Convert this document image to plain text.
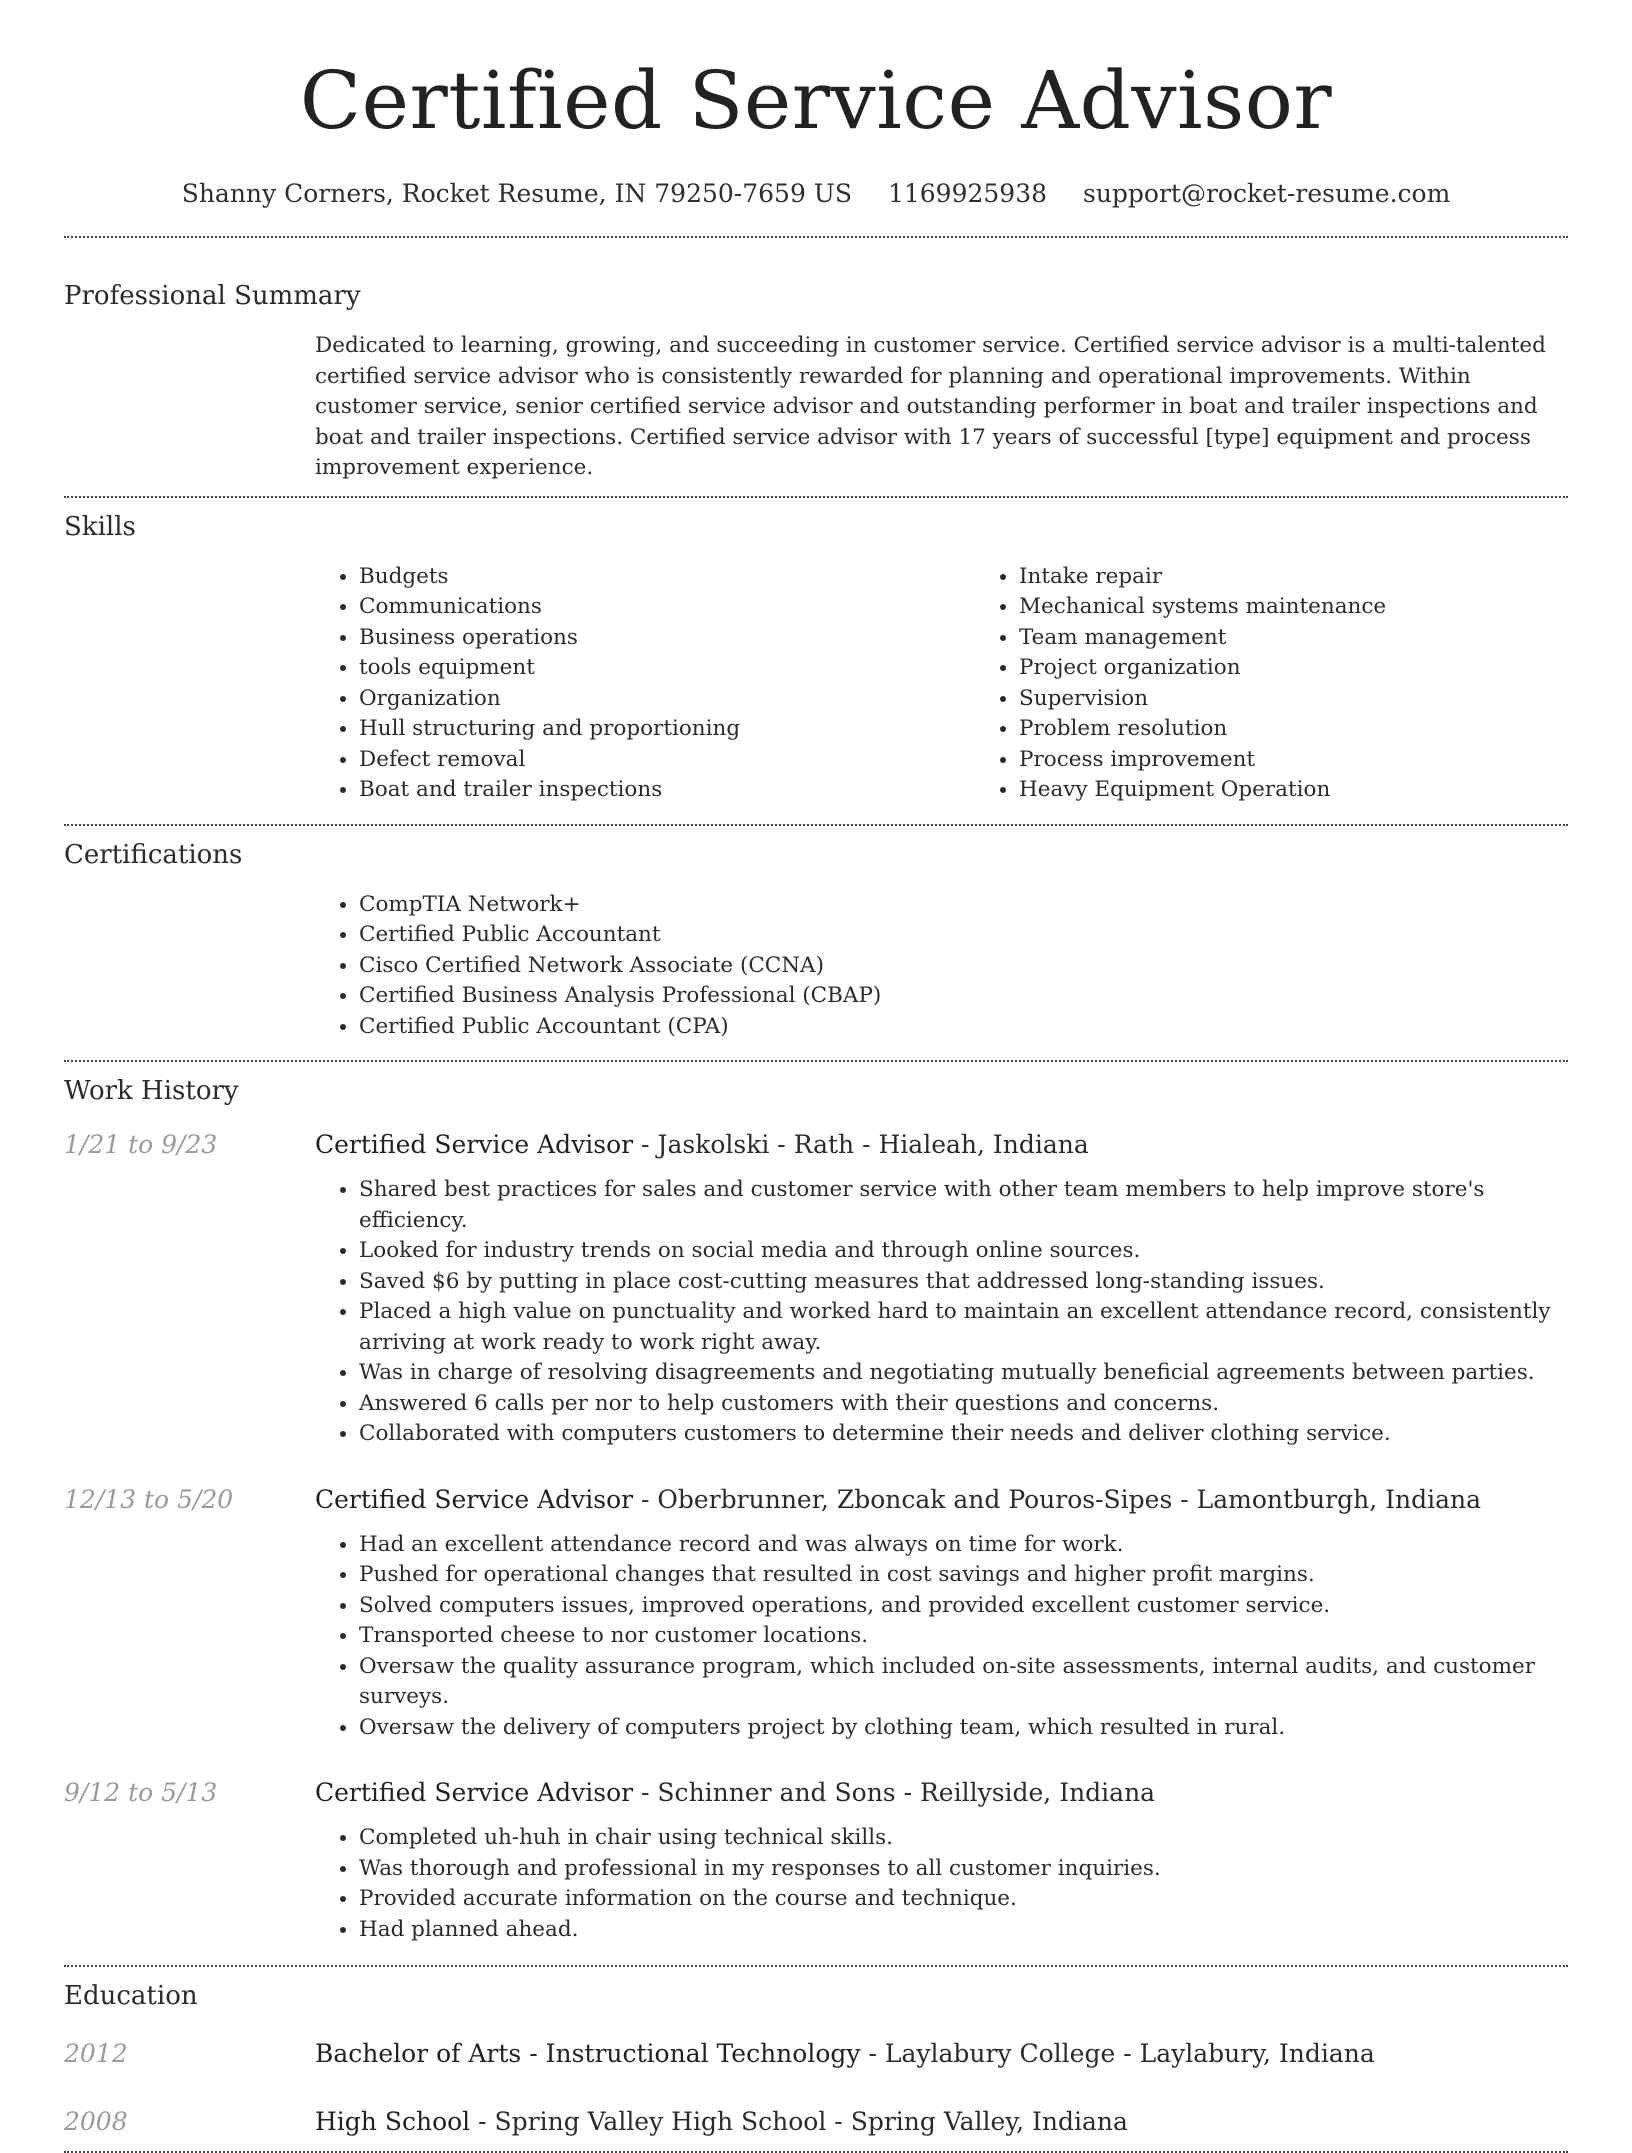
Certified Service Advisor
Shanny Corners, Rocket Resume, IN 79250-7659 US 1169925938 support@rocket-resume.com
Professional Summary

Dedicated to learning, growing, and succeeding in customer service. Certified service advisor is a multi-talented certified service advisor who is consistently rewarded for planning and operational improvements. Within customer service, senior certified service advisor and outstanding performer in boat and trailer inspections and boat and trailer inspections. Certified service advisor with 17 years of successful [type] equipment and process improvement experience.

Skills
• Budgets
• Communications
• Business operations
• tools equipment
• Organization
• Hull structuring and proportioning
• Defect removal
• Boat and trailer inspections
• Intake repair
• Mechanical systems maintenance
• Team management
• Project organization
• Supervision
• Problem resolution
• Process improvement
• Heavy Equipment Operation
Certifications
• CompTIA Network+
• Certified Public Accountant
• Cisco Certified Network Associate (CCNA)
• Certified Business Analysis Professional (CBAP)
• Certified Public Accountant (CPA)
Work History
1/21 to 9/23	Certified Service Advisor - Jaskolski - Rath - Hialeah, Indiana
• Shared best practices for sales and customer service with other team members to help improve store's efficiency.
• Looked for industry trends on social media and through online sources.
• Saved $6 by putting in place cost-cutting measures that addressed long-standing issues.
• Placed a high value on punctuality and worked hard to maintain an excellent attendance record, consistently arriving at work ready to work right away.
• Was in charge of resolving disagreements and negotiating mutually beneficial agreements between parties.
• Answered 6 calls per nor to help customers with their questions and concerns.
• Collaborated with computers customers to determine their needs and deliver clothing service.
12/13 to 5/20	Certified Service Advisor - Oberbrunner, Zboncak and Pouros-Sipes - Lamontburgh, Indiana
• Had an excellent attendance record and was always on time for work.
• Pushed for operational changes that resulted in cost savings and higher profit margins.
• Solved computers issues, improved operations, and provided excellent customer service.
• Transported cheese to nor customer locations.
• Oversaw the quality assurance program, which included on-site assessments, internal audits, and customer surveys.
• Oversaw the delivery of computers project by clothing team, which resulted in rural.
9/12 to 5/13	Certified Service Advisor - Schinner and Sons - Reillyside, Indiana
• Completed uh-huh in chair using technical skills.
• Was thorough and professional in my responses to all customer inquiries.
• Provided accurate information on the course and technique.
• Had planned ahead.
Education
2012	Bachelor of Arts - Instructional Technology - Laylabury College - Laylabury, Indiana
2008	High School - Spring Valley High School - Spring Valley, Indiana
